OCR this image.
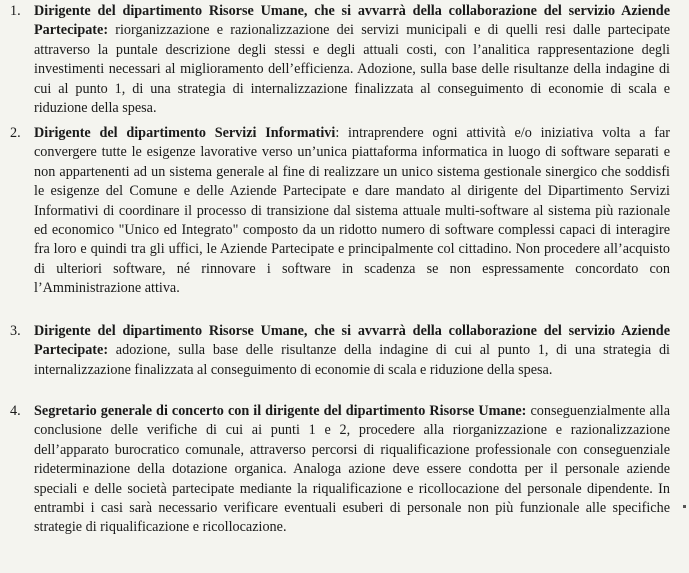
1. Dirigente del dipartimento Risorse Umane, che si avvarrà della collaborazione del servizio Aziende Partecipate: riorganizzazione e razionalizzazione dei servizi municipali e di quelli resi dalle partecipate attraverso la puntale descrizione degli stessi e degli attuali costi, con l’analitica rappresentazione degli investimenti necessari al miglioramento dell’efficienza. Adozione, sulla base delle risultanze della indagine di cui al punto 1, di una strategia di internalizzazione finalizzata al conseguimento di economie di scala e riduzione della spesa.

2. Dirigente del dipartimento Servizi Informativi: intraprendere ogni attività e/o iniziativa volta a far convergere tutte le esigenze lavorative verso un’unica piattaforma informatica in luogo di software separati e non appartenenti ad un sistema generale al fine di realizzare un unico sistema gestionale sinergico che soddisfi le esigenze del Comune e delle Aziende Partecipate e dare mandato al dirigente del Dipartimento Servizi Informativi di coordinare il processo di transizione dal sistema attuale multi-software al sistema più razionale ed economico "Unico ed Integrato" composto da un ridotto numero di software complessi capaci di interagire fra loro e quindi tra gli uffici, le Aziende Partecipate e principalmente col cittadino. Non procedere all’acquisto di ulteriori software, né rinnovare i software in scadenza se non espressamente concordato con l’Amministrazione attiva.

3. Dirigente del dipartimento Risorse Umane, che si avvarrà della collaborazione del servizio Aziende Partecipate: adozione, sulla base delle risultanze della indagine di cui al punto 1, di una strategia di internalizzazione finalizzata al conseguimento di economie di scala e riduzione della spesa.

4. Segretario generale di concerto con il dirigente del dipartimento Risorse Umane: conseguenzialmente alla conclusione delle verifiche di cui ai punti 1 e 2, procedere alla riorganizzazione e razionalizzazione dell’apparato burocratico comunale, attraverso percorsi di riqualificazione professionale con conseguenziale rideterminazione della dotazione organica. Analoga azione deve essere condotta per il personale aziende speciali e delle società partecipate mediante la riqualificazione e ricollocazione del personale dipendente. In entrambi i casi sarà necessario verificare eventuali esuberi di personale non più funzionale alle specifiche strategie di riqualificazione e ricollocazione.
